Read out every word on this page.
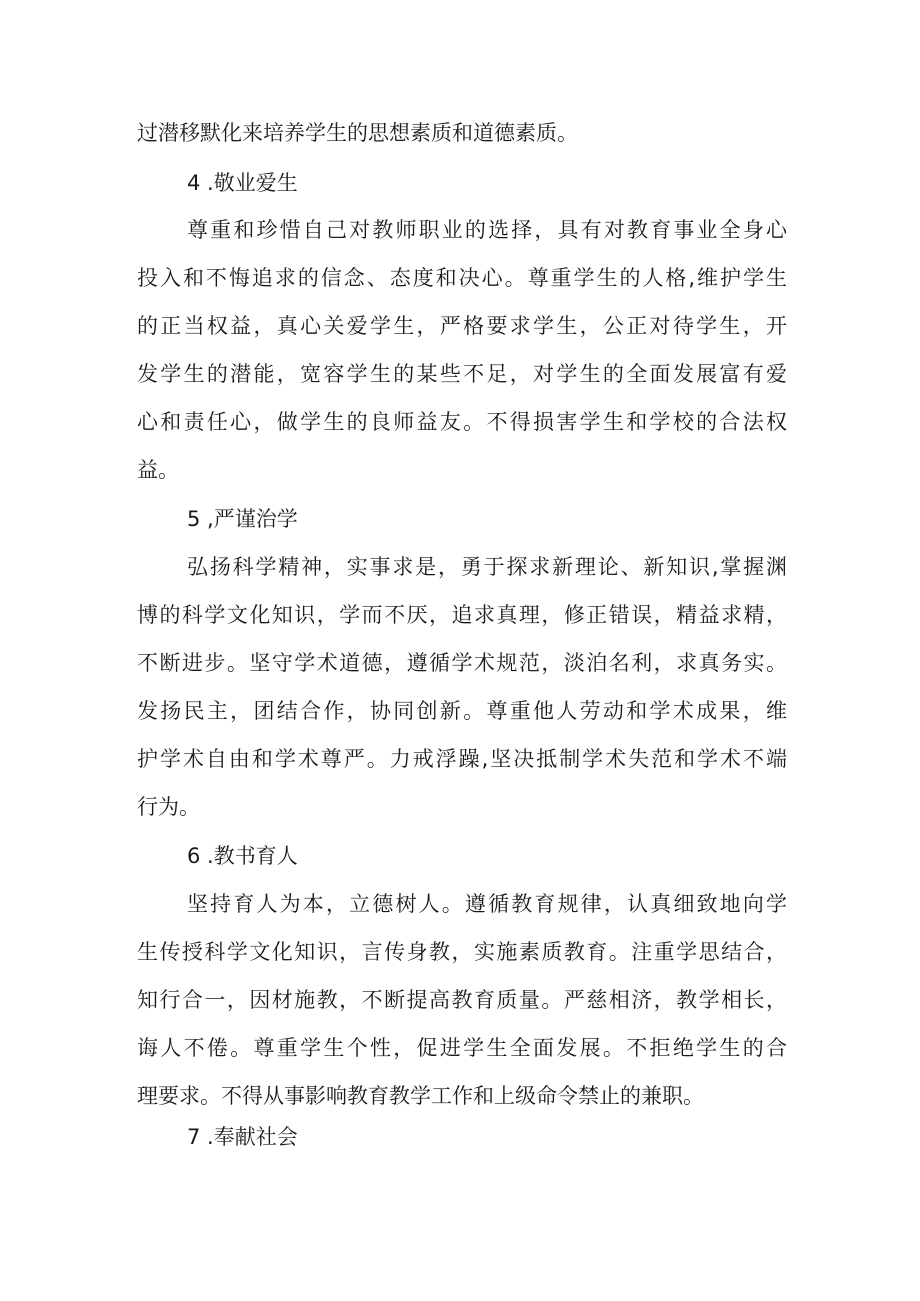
过潜移默化来培养学生的思想素质和道德素质。
4 .敬业爱生
尊重和珍惜自己对教师职业的选择，具有对教育事业全身心
投入和不悔追求的信念、态度和决心。尊重学生的人格,维护学生
的正当权益，真心关爱学生，严格要求学生，公正对待学生，开
发学生的潜能，宽容学生的某些不足，对学生的全面发展富有爱
心和责任心，做学生的良师益友。不得损害学生和学校的合法权
益。
5 ,严谨治学
弘扬科学精神，实事求是，勇于探求新理论、新知识,掌握渊
博的科学文化知识，学而不厌，追求真理，修正错误，精益求精，
不断进步。坚守学术道德，遵循学术规范，淡泊名利，求真务实。
发扬民主，团结合作，协同创新。尊重他人劳动和学术成果，维
护学术自由和学术尊严。力戒浮躁,坚决抵制学术失范和学术不端
行为。
6 .教书育人
坚持育人为本，立德树人。遵循教育规律，认真细致地向学
生传授科学文化知识，言传身教，实施素质教育。注重学思结合，
知行合一，因材施教，不断提高教育质量。严慈相济，教学相长，
诲人不倦。尊重学生个性，促进学生全面发展。不拒绝学生的合
理要求。不得从事影响教育教学工作和上级命令禁止的兼职。
7 .奉献社会
